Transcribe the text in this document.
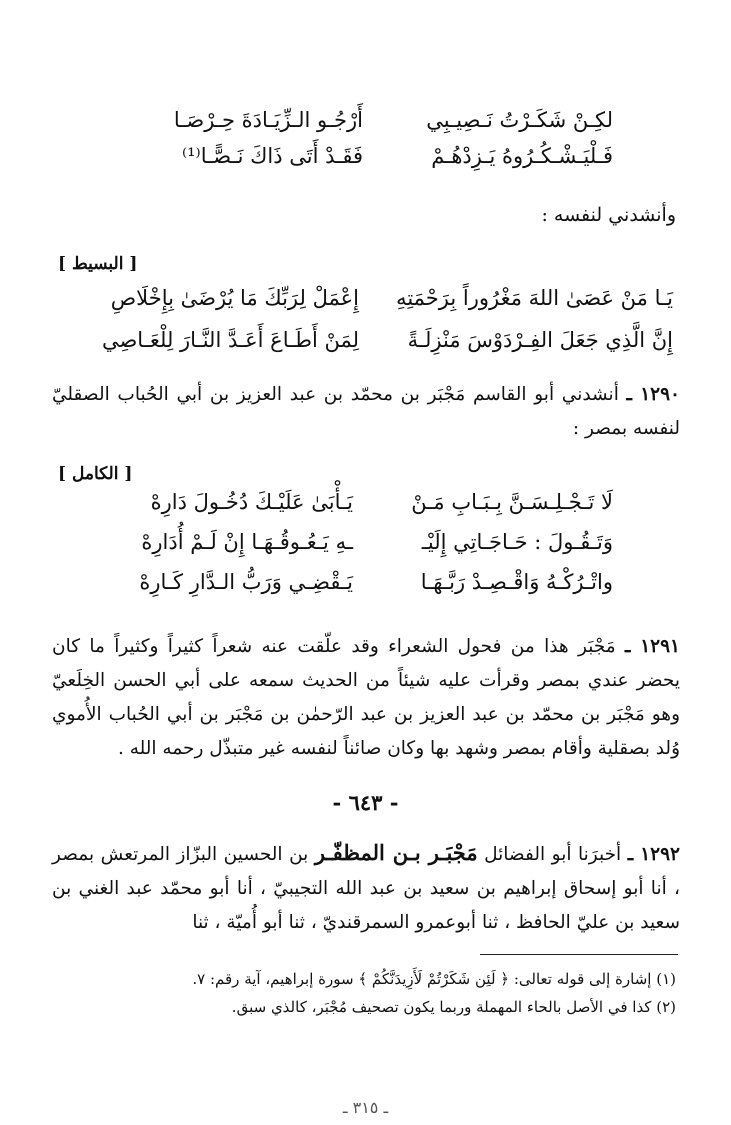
لكِـنْ شَكَـرْتُ نَـصِيـبِي
أَرْجُـو الـزِّيَـادَةَ حِـرْصَـا
فَـلْيَـشْـكُـرُوهُ يَـزِدْهُـمْ
فَقَـدْ أَتَى ذَاكَ نَـصًّـا⁽¹⁾
وأنشدني لنفسه :
[ البسيط ]
يَـا مَنْ عَصَىٰ اللهَ مَغْرُوراً بِرَحْمَتِهِ
إِعْمَلْ لِرَبِّكَ مَا يُرْضَىٰ بِإِخْلَاصِ
إِنَّ الَّذِي جَعَلَ الفِـرْدَوْسَ مَنْزِلَـةً
لِمَنْ أَطَـاعَ أَعَـدَّ النَّـارَ لِلْعَـاصِي
١٢٩٠ ـ أنشدني أبو القاسم مَجْبَر بن محمّد بن عبد العزيز بن أبي الحُباب الصقليّ لنفسه بمصر :
[ الكامل ]
لَا تَـجْـلِـسَـنَّ بِـبَـابِ مَـنْ
يَـأْبَىٰ عَلَيْـكَ دُخُـولَ دَارِهْ
وَتَـقُـولَ : حَـاجَـاتِي إِلَيْـ
ـهِ يَـعُـوقُـهَـا إِنْ لَـمْ أُدَارِهْ
واتْـرُكْـهُ وَاقْـصِـدْ رَبَّـهَـا
يَـقْضِـي وَرَبُّ الـدَّارِ كَـارِهْ
١٢٩١ ـ مَجْبَر هذا من فحول الشعراء وقد علّقت عنه شعراً كثيراً وكثيراً ما كان يحضر عندي بمصر وقرأت عليه شيئاً من الحديث سمعه على أبي الحسن الخِلَعيّ وهو مَجْبَر بن محمّد بن عبد العزيز بن عبد الرّحمٰن بن مَجْبَر بن أبي الحُباب الأُموي وُلد بصقلية وأقام بمصر وشهد بها وكان صائناً لنفسه غير متبذّل رحمه الله .
- ٦٤٣ -
١٢٩٢ ـ أخبرَنا أبو الفضائل مَجْبَـر بـن المظفّـر بن الحسين البزّاز المرتعش بمصر ، أنا أبو إسحاق إبراهيم بن سعيد بن عبد الله التجيبيّ ، أنا أبو محمّد عبد الغني بن سعيد بن عليّ الحافظ ، ثنا أبوعمرو السمرقنديّ ، ثنا أبو أُميّة ، ثنا
(١) إشارة إلى قوله تعالى: ﴿ لَئِن شَكَرْتُمْ لَأَزِيدَنَّكُمْ ﴾ سورة إبراهيم، آية رقم: ٧.
(٢) كذا في الأصل بالحاء المهملة وربما يكون تصحيف مُجْبَر، كالذي سبق.
ـ ٣١٥ ـ
